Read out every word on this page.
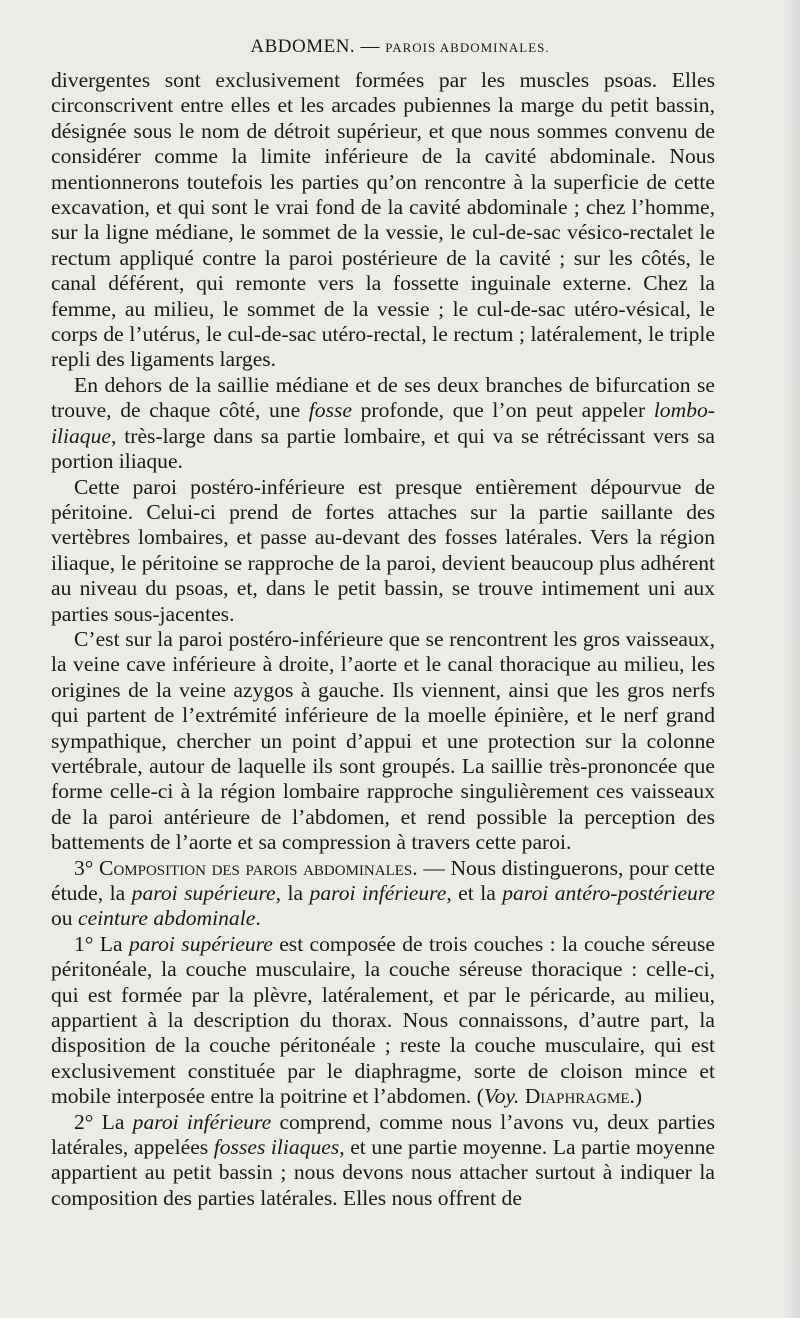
ABDOMEN. — PAROIS ABDOMINALES.

divergentes sont exclusivement formées par les muscles psoas. Elles circonscrivent entre elles et les arcades pubiennes la marge du petit bassin, désignée sous le nom de détroit supérieur, et que nous sommes convenu de considérer comme la limite inférieure de la cavité abdominale. Nous mentionnerons toutefois les parties qu’on rencontre à la superficie de cette excavation, et qui sont le vrai fond de la cavité abdominale ; chez l’homme, sur la ligne médiane, le sommet de la vessie, le cul-de-sac vésico-rectalet le rectum appliqué contre la paroi postérieure de la cavité ; sur les côtés, le canal déférent, qui remonte vers la fossette inguinale externe. Chez la femme, au milieu, le sommet de la vessie ; le cul-de-sac utéro-vésical, le corps de l’utérus, le cul-de-sac utéro-rectal, le rectum ; latéralement, le triple repli des ligaments larges.

En dehors de la saillie médiane et de ses deux branches de bifurcation se trouve, de chaque côté, une fosse profonde, que l’on peut appeler lombo-iliaque, très-large dans sa partie lombaire, et qui va se rétrécissant vers sa portion iliaque.

Cette paroi postéro-inférieure est presque entièrement dépourvue de péritoine. Celui-ci prend de fortes attaches sur la partie saillante des vertèbres lombaires, et passe au-devant des fosses latérales. Vers la région iliaque, le péritoine se rapproche de la paroi, devient beaucoup plus adhérent au niveau du psoas, et, dans le petit bassin, se trouve intimement uni aux parties sous-jacentes.

C’est sur la paroi postéro-inférieure que se rencontrent les gros vaisseaux, la veine cave inférieure à droite, l’aorte et le canal thoracique au milieu, les origines de la veine azygos à gauche. Ils viennent, ainsi que les gros nerfs qui partent de l’extrémité inférieure de la moelle épinière, et le nerf grand sympathique, chercher un point d’appui et une protection sur la colonne vertébrale, autour de laquelle ils sont groupés. La saillie très-prononcée que forme celle-ci à la région lombaire rapproche singulièrement ces vaisseaux de la paroi antérieure de l’abdomen, et rend possible la perception des battements de l’aorte et sa compression à travers cette paroi.

3° Composition des parois abdominales. — Nous distinguerons, pour cette étude, la paroi supérieure, la paroi inférieure, et la paroi antéro-postérieure ou ceinture abdominale.

1° La paroi supérieure est composée de trois couches : la couche séreuse péritonéale, la couche musculaire, la couche séreuse thoracique : celle-ci, qui est formée par la plèvre, latéralement, et par le péricarde, au milieu, appartient à la description du thorax. Nous connaissons, d’autre part, la disposition de la couche péritonéale ; reste la couche musculaire, qui est exclusivement constituée par le diaphragme, sorte de cloison mince et mobile interposée entre la poitrine et l’abdomen. (Voy. Diaphragme.)

2° La paroi inférieure comprend, comme nous l’avons vu, deux parties latérales, appelées fosses iliaques, et une partie moyenne. La partie moyenne appartient au petit bassin ; nous devons nous attacher surtout à indiquer la composition des parties latérales. Elles nous offrent de
